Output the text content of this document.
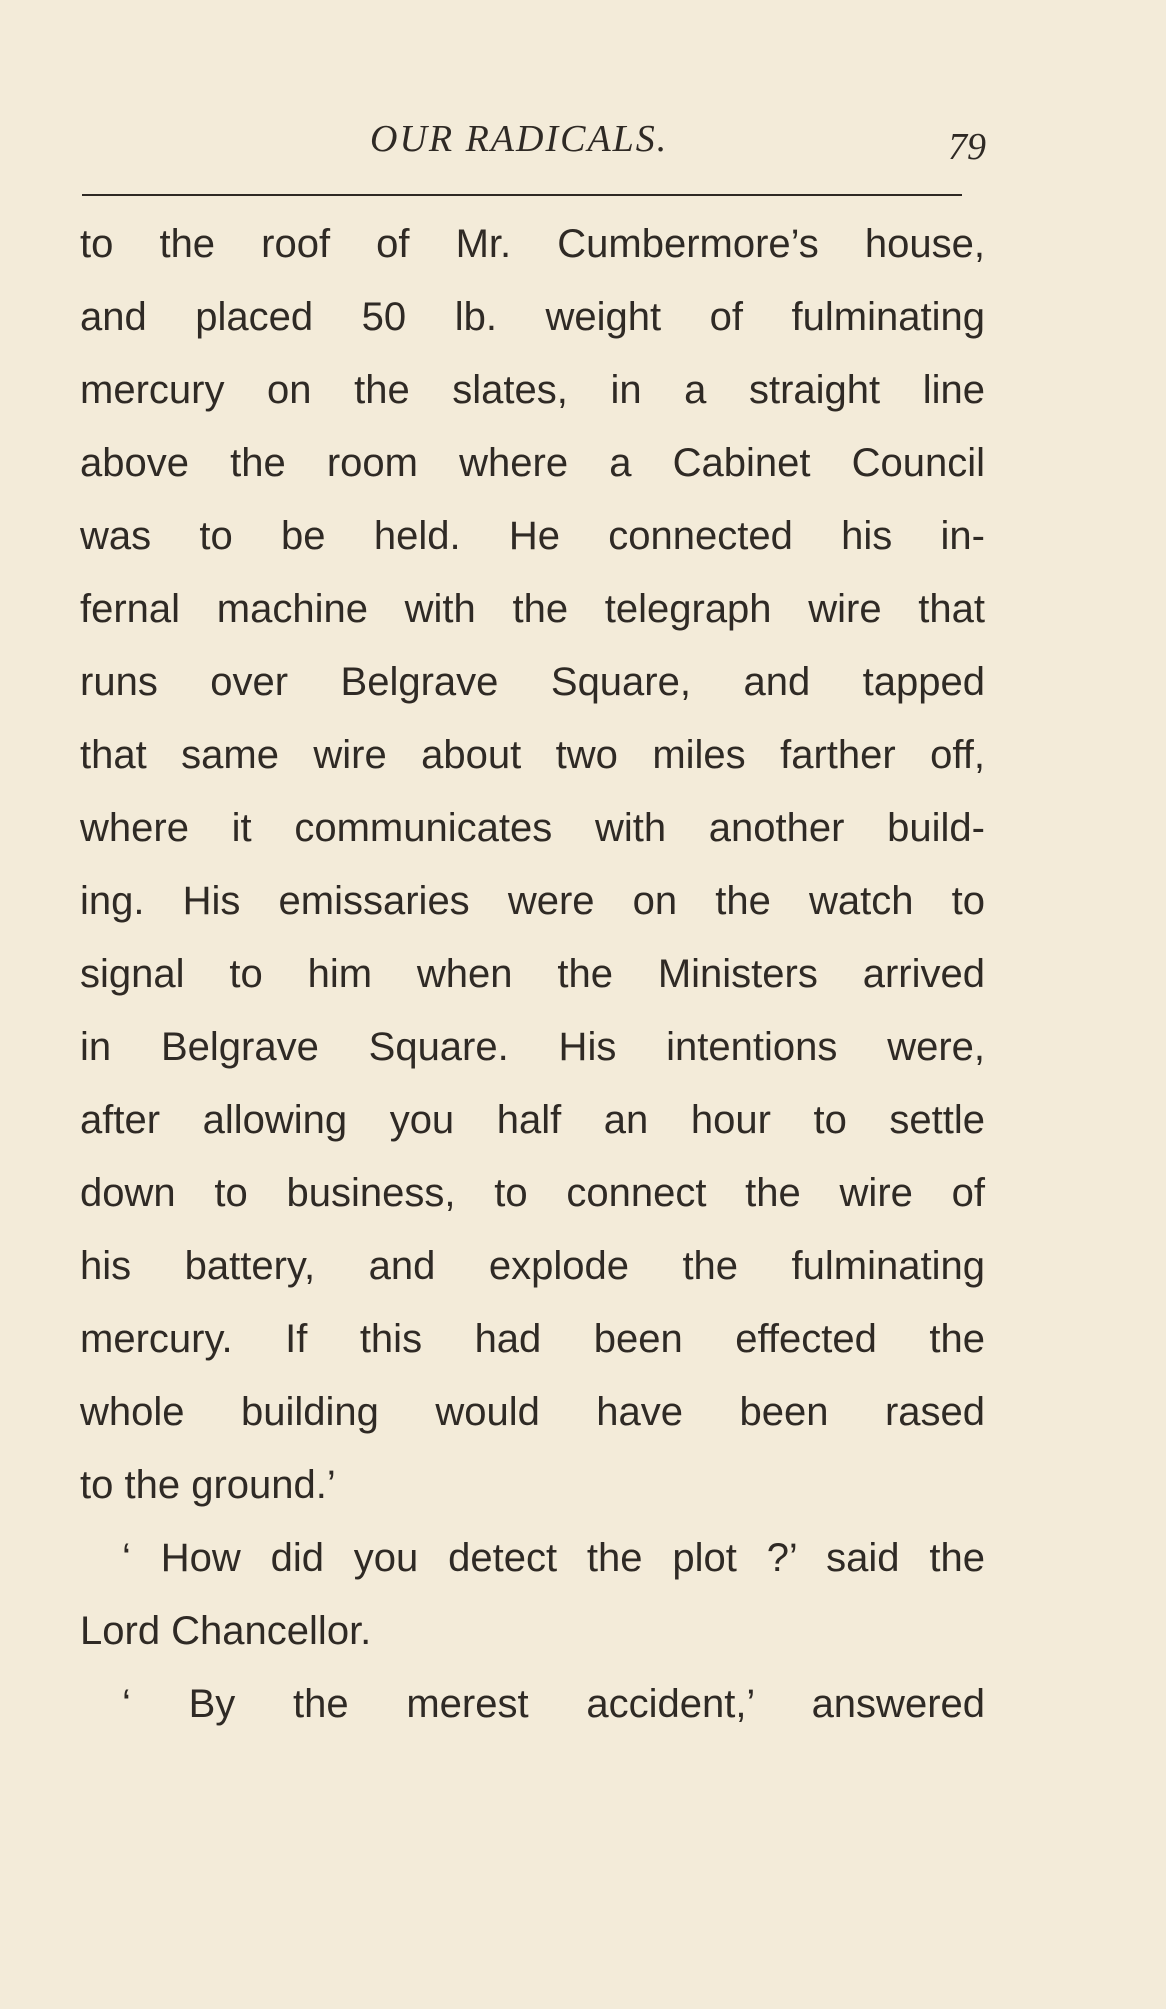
OUR RADICALS.	79
to the roof of Mr. Cumbermore’s house,
and placed 50 lb. weight of fulminating
mercury on the slates, in a straight line
above the room where a Cabinet Council
was to be held. He connected his in-
fernal machine with the telegraph wire that
runs over Belgrave Square, and tapped
that same wire about two miles farther off,
where it communicates with another build-
ing. His emissaries were on the watch to
signal to him when the Ministers arrived
in Belgrave Square. His intentions were,
after allowing you half an hour to settle
down to business, to connect the wire of
his battery, and explode the fulminating
mercury. If this had been effected the
whole building would have been rased
to the ground.’
‘ How did you detect the plot ?’ said the
Lord Chancellor.
‘ By the merest accident,’ answered
